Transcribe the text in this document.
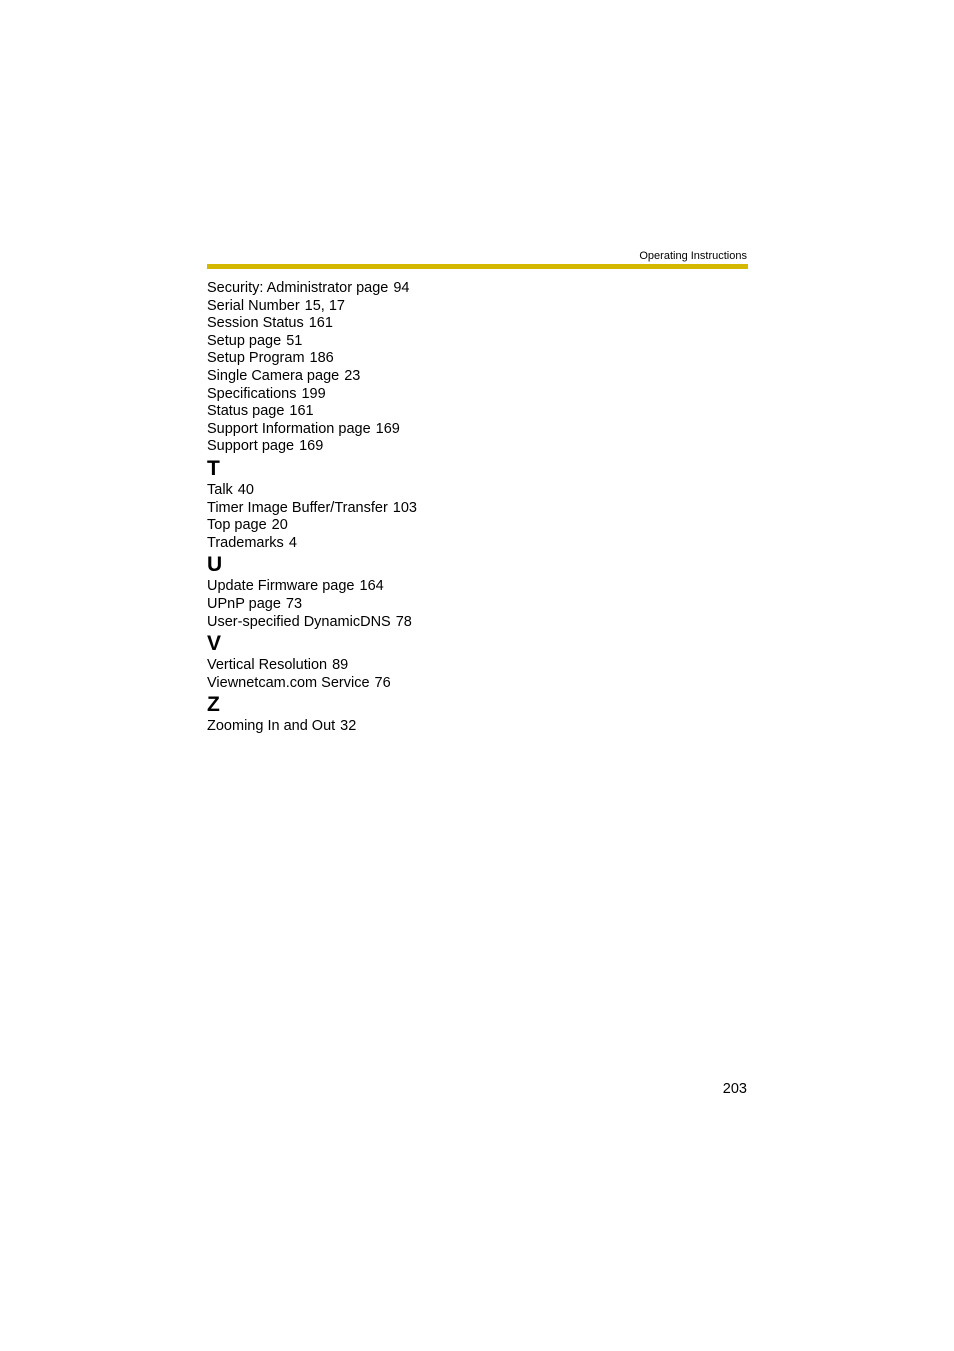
Operating Instructions
Security: Administrator page 94
Serial Number 15, 17
Session Status 161
Setup page 51
Setup Program 186
Single Camera page 23
Specifications 199
Status page 161
Support Information page 169
Support page 169
T
Talk 40
Timer Image Buffer/Transfer 103
Top page 20
Trademarks 4
U
Update Firmware page 164
UPnP page 73
User-specified DynamicDNS 78
V
Vertical Resolution 89
Viewnetcam.com Service 76
Z
Zooming In and Out 32
203
